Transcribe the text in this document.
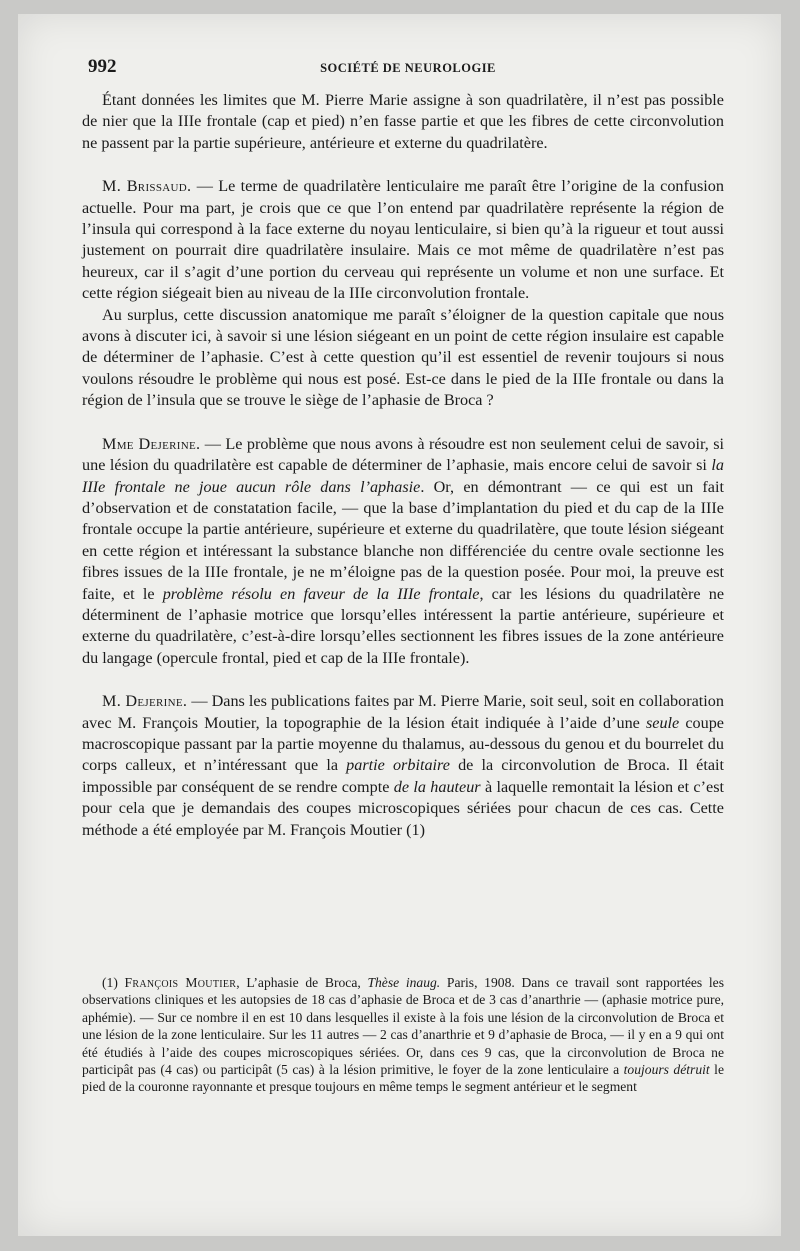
992	SOCIÉTÉ DE NEUROLOGIE

Étant données les limites que M. Pierre Marie assigne à son quadrilatère, il n’est pas possible de nier que la IIIe frontale (cap et pied) n’en fasse partie et que les fibres de cette circonvolution ne passent par la partie supérieure, antérieure et externe du quadrilatère.

M. Brissaud. — Le terme de quadrilatère lenticulaire me paraît être l’origine de la confusion actuelle. Pour ma part, je crois que ce que l’on entend par quadrilatère représente la région de l’insula qui correspond à la face externe du noyau lenticulaire, si bien qu’à la rigueur et tout aussi justement on pourrait dire quadrilatère insulaire. Mais ce mot même de quadrilatère n’est pas heureux, car il s’agit d’une portion du cerveau qui représente un volume et non une surface. Et cette région siégeait bien au niveau de la IIIe circonvolution frontale.

Au surplus, cette discussion anatomique me paraît s’éloigner de la question capitale que nous avons à discuter ici, à savoir si une lésion siégeant en un point de cette région insulaire est capable de déterminer de l’aphasie. C’est à cette question qu’il est essentiel de revenir toujours si nous voulons résoudre le problème qui nous est posé. Est-ce dans le pied de la IIIe frontale ou dans la région de l’insula que se trouve le siège de l’aphasie de Broca ?

Mme Dejerine. — Le problème que nous avons à résoudre est non seulement celui de savoir, si une lésion du quadrilatère est capable de déterminer de l’aphasie, mais encore celui de savoir si la IIIe frontale ne joue aucun rôle dans l’aphasie. Or, en démontrant — ce qui est un fait d’observation et de constatation facile, — que la base d’implantation du pied et du cap de la IIIe frontale occupe la partie antérieure, supérieure et externe du quadrilatère, que toute lésion siégeant en cette région et intéressant la substance blanche non différenciée du centre ovale sectionne les fibres issues de la IIIe frontale, je ne m’éloigne pas de la question posée. Pour moi, la preuve est faite, et le problème résolu en faveur de la IIIe frontale, car les lésions du quadrilatère ne déterminent de l’aphasie motrice que lorsqu’elles intéressent la partie antérieure, supérieure et externe du quadrilatère, c’est-à-dire lorsqu’elles sectionnent les fibres issues de la zone antérieure du langage (opercule frontal, pied et cap de la IIIe frontale).

M. Dejerine. — Dans les publications faites par M. Pierre Marie, soit seul, soit en collaboration avec M. François Moutier, la topographie de la lésion était indiquée à l’aide d’une seule coupe macroscopique passant par la partie moyenne du thalamus, au-dessous du genou et du bourrelet du corps calleux, et n’intéressant que la partie orbitaire de la circonvolution de Broca. Il était impossible par conséquent de se rendre compte de la hauteur à laquelle remontait la lésion et c’est pour cela que je demandais des coupes microscopiques sériées pour chacun de ces cas. Cette méthode a été employée par M. François Moutier (1)

(1) François Moutier, L’aphasie de Broca, Thèse inaug. Paris, 1908. Dans ce travail sont rapportées les observations cliniques et les autopsies de 18 cas d’aphasie de Broca et de 3 cas d’anarthrie — (aphasie motrice pure, aphémie). — Sur ce nombre il en est 10 dans lesquelles il existe à la fois une lésion de la circonvolution de Broca et une lésion de la zone lenticulaire. Sur les 11 autres — 2 cas d’anarthrie et 9 d’aphasie de Broca, — il y en a 9 qui ont été étudiés à l’aide des coupes microscopiques sériées. Or, dans ces 9 cas, que la circonvolution de Broca ne participât pas (4 cas) ou participât (5 cas) à la lésion primitive, le foyer de la zone lenticulaire a toujours détruit le pied de la couronne rayonnante et presque toujours en même temps le segment antérieur et le segment
